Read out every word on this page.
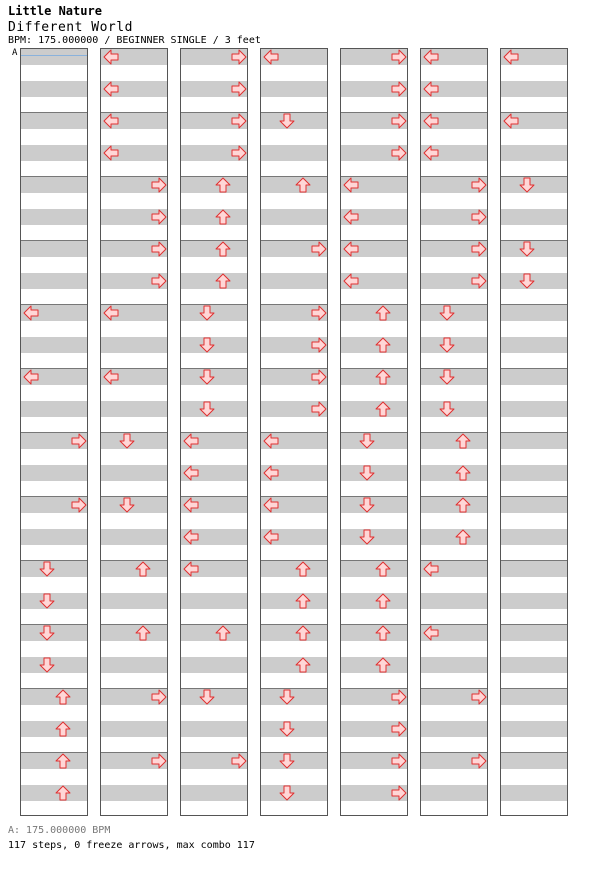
Little Nature
Different World
BPM: 175.000000 / BEGINNER SINGLE / 3 feet
A
A: 175.000000 BPM
117 steps, 0 freeze arrows, max combo 117
